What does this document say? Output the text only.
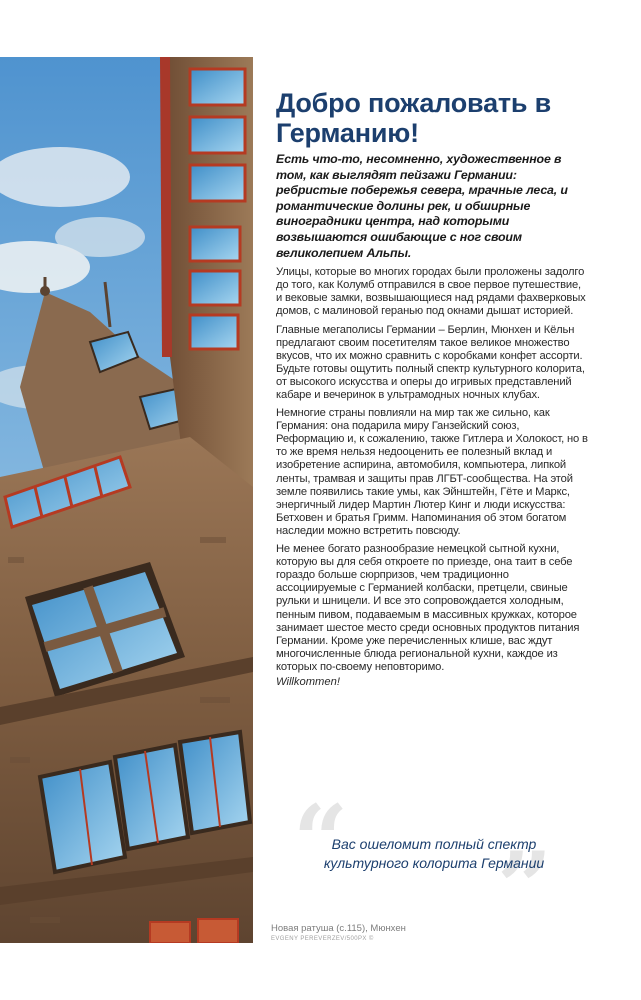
Новая ратуша (с.115), Мюнхен
EVGENY PEREVERZEV/500PX ©
Добро пожаловать в Германию!

Есть что-то, несомненно, художественное в том, как выглядят пейзажи Германии: ребристые побережья севера, мрачные леса, и романтические долины рек, и обширные виноградники центра, над которыми возвышаются ошибающие с ног своим великолепием Альпы.

Улицы, которые во многих городах были проложены задолго до того, как Колумб отправился в свое первое путешествие, и вековые замки, возвышающиеся над рядами фахверковых домов, с малиновой геранью под окнами дышат историей.

Главные мегаполисы Германии – Берлин, Мюнхен и Кёльн предлагают своим посетителям такое великое множество вкусов, что их можно сравнить с коробками конфет ассорти. Будьте готовы ощутить полный спектр культурного колорита, от высокого искусства и оперы до игривых представлений кабаре и вечеринок в ультрамодных ночных клубах.

Немногие страны повлияли на мир так же сильно, как Германия: она подарила миру Ганзейский союз, Реформацию и, к сожалению, также Гитлера и Холокост, но в то же время нельзя недооценить ее полезный вклад и изобретение аспирина, автомобиля, компьютера, липкой ленты, трамвая и защиты прав ЛГБТ-сообщества. На этой земле появились такие умы, как Эйнштейн, Гёте и Маркс, энергичный лидер Мартин Лютер Кинг и люди искусства: Бетховен и братья Гримм. Напоминания об этом богатом наследии можно встретить повсюду.

Не менее богато разнообразие немецкой сытной кухни, которую вы для себя откроете по приезде, она таит в себе гораздо больше сюрпризов, чем традиционно ассоциируемые с Германией колбаски, претцели, свиные рульки и шницели. И все это сопровождается холодным, пенным пивом, подаваемым в массивных кружках, которое занимает шестое место среди основных продуктов питания Германии. Кроме уже перечисленных клише, вас ждут многочисленные блюда региональной кухни, каждое из которых по-своему неповторимо.

Willkommen!

“ ”
Вас ошеломит полный спектр культурного колорита Германии
